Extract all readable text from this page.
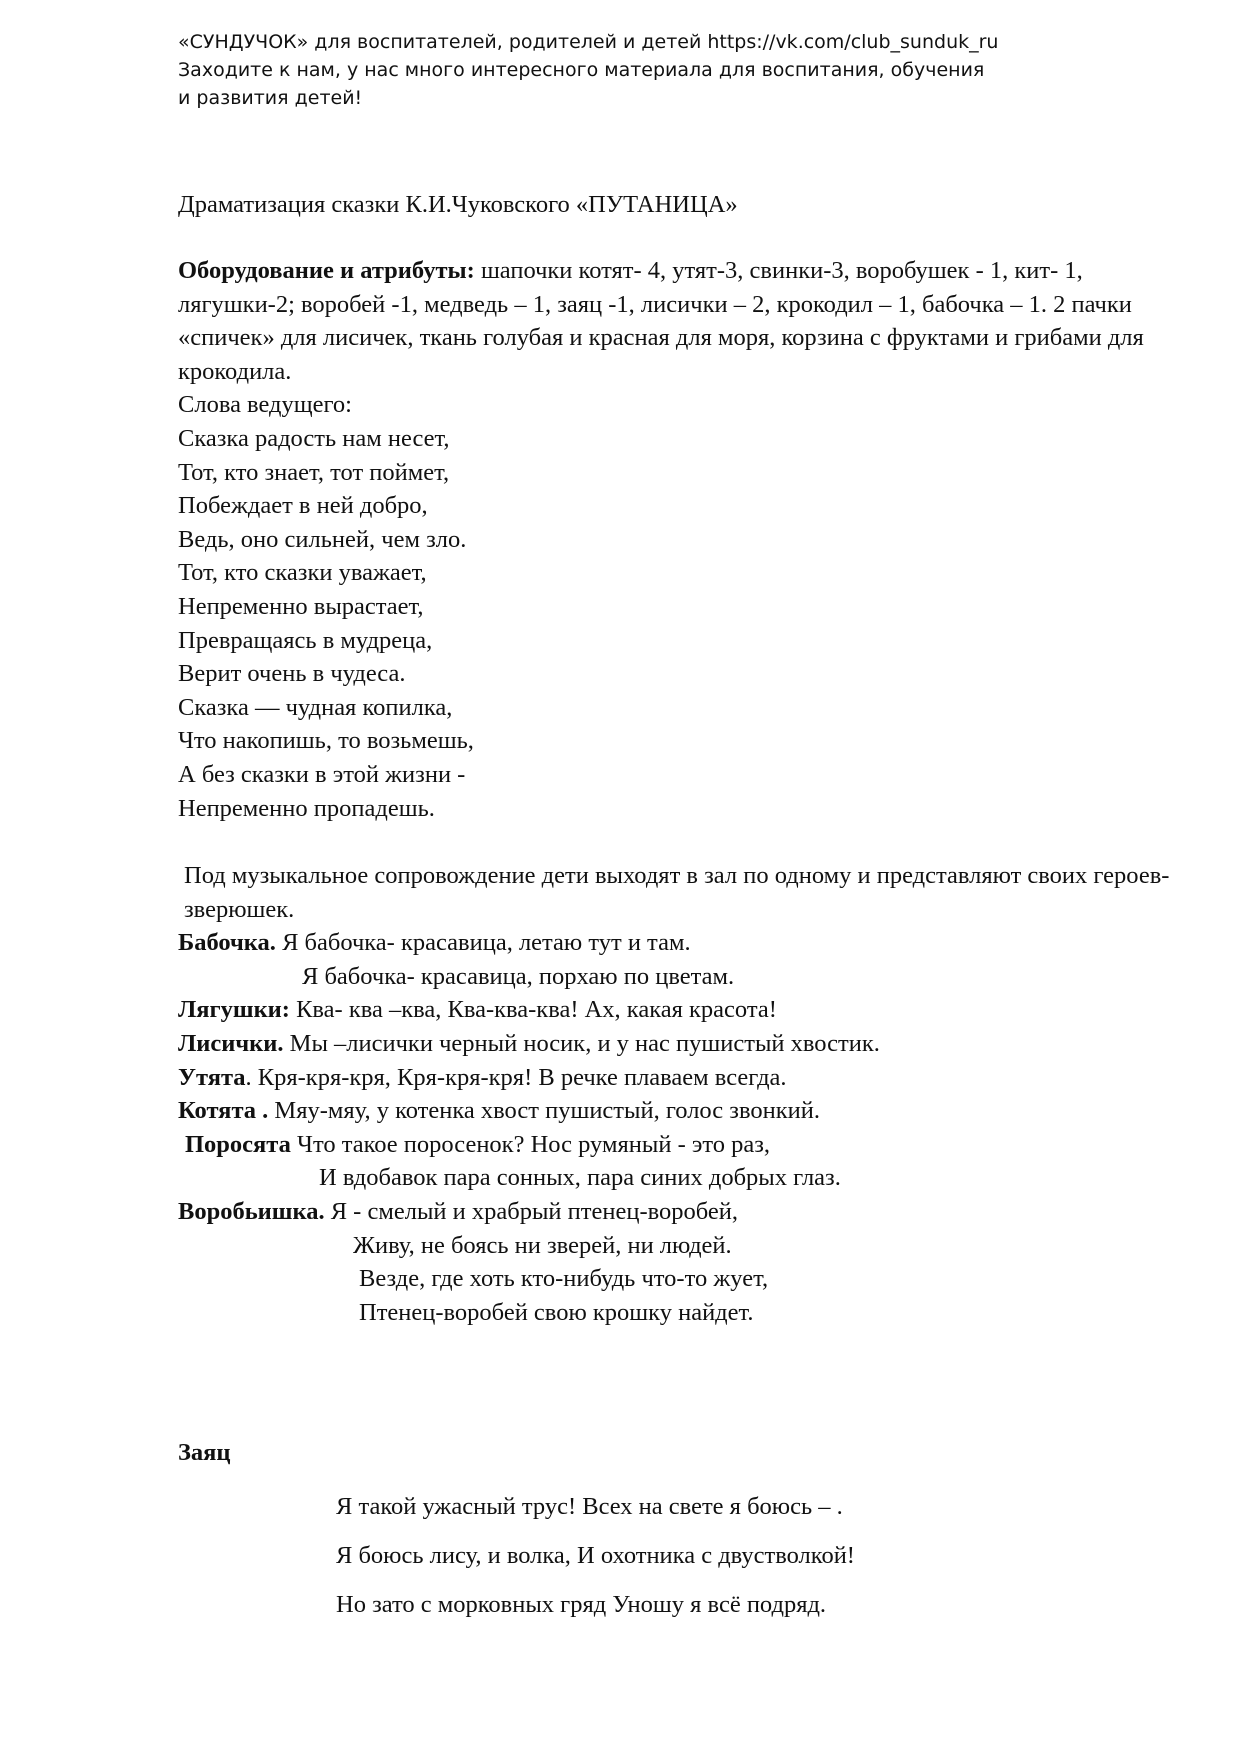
«СУНДУЧОК» для воспитателей, родителей и детей https://vk.com/club_sunduk_ru
Заходите к нам, у нас много интересного материала для воспитания, обучения
и развития детей!
Драматизация сказки К.И.Чуковского «ПУТАНИЦА»
Оборудование и атрибуты: шапочки котят- 4, утят-3, свинки-3, воробушек - 1, кит- 1, лягушки-2; воробей -1, медведь – 1, заяц -1, лисички – 2, крокодил – 1, бабочка – 1. 2 пачки «спичек» для лисичек, ткань голубая и красная для моря, корзина с фруктами и грибами для крокодила.
Слова ведущего:
Сказка радость нам несет,
Тот, кто знает, тот поймет,
Побеждает в ней добро,
Ведь, оно сильней, чем зло.
Тот, кто сказки уважает,
Непременно вырастает,
Превращаясь в мудреца,
Верит очень в чудеса.
Сказка — чудная копилка,
Что накопишь, то возьмешь,
А без сказки в этой жизни -
Непременно пропадешь.
Под музыкальное сопровождение дети выходят в зал по одному и представляют своих героев- зверюшек.
Бабочка. Я бабочка- красавица, летаю тут и там.
Я бабочка- красавица, порхаю по цветам.
Лягушки: Ква- ква –ква, Ква-ква-ква! Ах, какая красота!
Лисички. Мы –лисички черный носик, и у нас пушистый хвостик.
Утята. Кря-кря-кря, Кря-кря-кря! В речке плаваем всегда.
Котята . Мяу-мяу, у котенка хвост пушистый, голос звонкий.
Поросята Что такое поросенок? Нос румяный - это раз,
И вдобавок пара сонных, пара синих добрых глаз.
Воробьишка. Я - смелый и храбрый птенец-воробей,
Живу, не боясь ни зверей, ни людей.
Везде, где хоть кто-нибудь что-то жует,
Птенец-воробей свою крошку найдет.
Заяц
Я такой ужасный трус! Всех на свете я боюсь – .
Я боюсь лису, и волка, И охотника с двустволкой!
Но зато с морковных гряд Уношу я всё подряд.
